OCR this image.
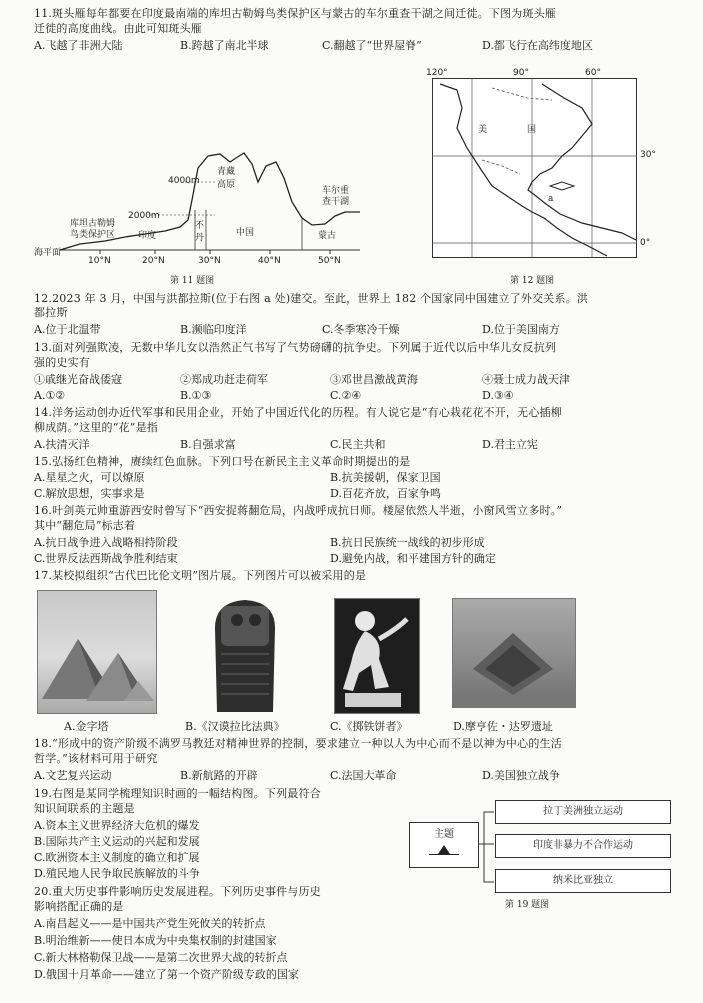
11.斑头雁每年都要在印度最南端的库坦古勒姆鸟类保护区与蒙古的车尔重查干湖之间迁徙。下图为斑头雁
迁徙的高度曲线。由此可知斑头雁
A.飞越了非洲大陆	B.跨越了南北半球	C.翻越了“世界屋脊”	D.都飞行在高纬度地区
海平面
2000m
4000m
库坦古勒姆
鸟类保护区	印度
青藏
高原
不
丹	中国	蒙古
车尔重
查干湖
10°N	20°N	30°N	40°N	50°N
第 11 题图
120°	90°	60°
30°
0°
美	国
a
第 12 题图
12.2023 年 3 月，中国与洪都拉斯(位于右图 a 处)建交。至此，世界上 182 个国家同中国建立了外交关系。洪
都拉斯
A.位于北温带	B.濒临印度洋	C.冬季寒冷干燥	D.位于美国南方
13.面对列强欺凌，无数中华儿女以浩然正气书写了气势磅礴的抗争史。下列属于近代以后中华儿女反抗列
强的史实有
①戚继光奋战倭寇	②郑成功赶走荷军	③邓世昌激战黄海	④聂士成力战天津
A.①②	B.①③	C.②④	D.③④
14.洋务运动创办近代军事和民用企业，开始了中国近代化的历程。有人说它是“有心栽花花不开，无心插柳
柳成荫。”这里的“花”是指
A.扶清灭洋	B.自强求富	C.民主共和	D.君主立宪
15.弘扬红色精神，赓续红色血脉。下列口号在新民主主义革命时期提出的是
A.星星之火，可以燎原	B.抗美援朝，保家卫国
C.解放思想，实事求是	D.百花齐放，百家争鸣
16.叶剑英元帅重游西安时曾写下“西安捉蒋翻危局，内战呼成抗日师。楼屋依然人半逝，小窗风雪立多时。”
其中“翻危局”标志着
A.抗日战争进入战略相持阶段	B.抗日民族统一战线的初步形成
C.世界反法西斯战争胜利结束	D.避免内战，和平建国方针的确定
17.某校拟组织“古代巴比伦文明”图片展。下列图片可以被采用的是
A.金字塔	B.《汉谟拉比法典》	C.《掷铁饼者》	D.摩亨佐・达罗遗址
18.“形成中的资产阶级不满罗马教廷对精神世界的控制，要求建立一种以人为中心而不是以神为中心的生活
哲学。”该材料可用于研究
A.文艺复兴运动	B.新航路的开辟	C.法国大革命	D.美国独立战争
19.右图是某同学梳理知识时画的一幅结构图。下列最符合
知识间联系的主题是
A.资本主义世界经济大危机的爆发
B.国际共产主义运动的兴起和发展
C.欧洲资本主义制度的确立和扩展
D.殖民地人民争取民族解放的斗争
主题
拉丁美洲独立运动
印度非暴力不合作运动
纳米比亚独立
第 19 题图
20.重大历史事件影响历史发展进程。下列历史事件与历史
影响搭配正确的是
A.南昌起义——是中国共产党生死攸关的转折点
B.明治维新——使日本成为中央集权制的封建国家
C.新大林格勒保卫战——是第二次世界大战的转折点
D.俄国十月革命——建立了第一个资产阶级专政的国家
